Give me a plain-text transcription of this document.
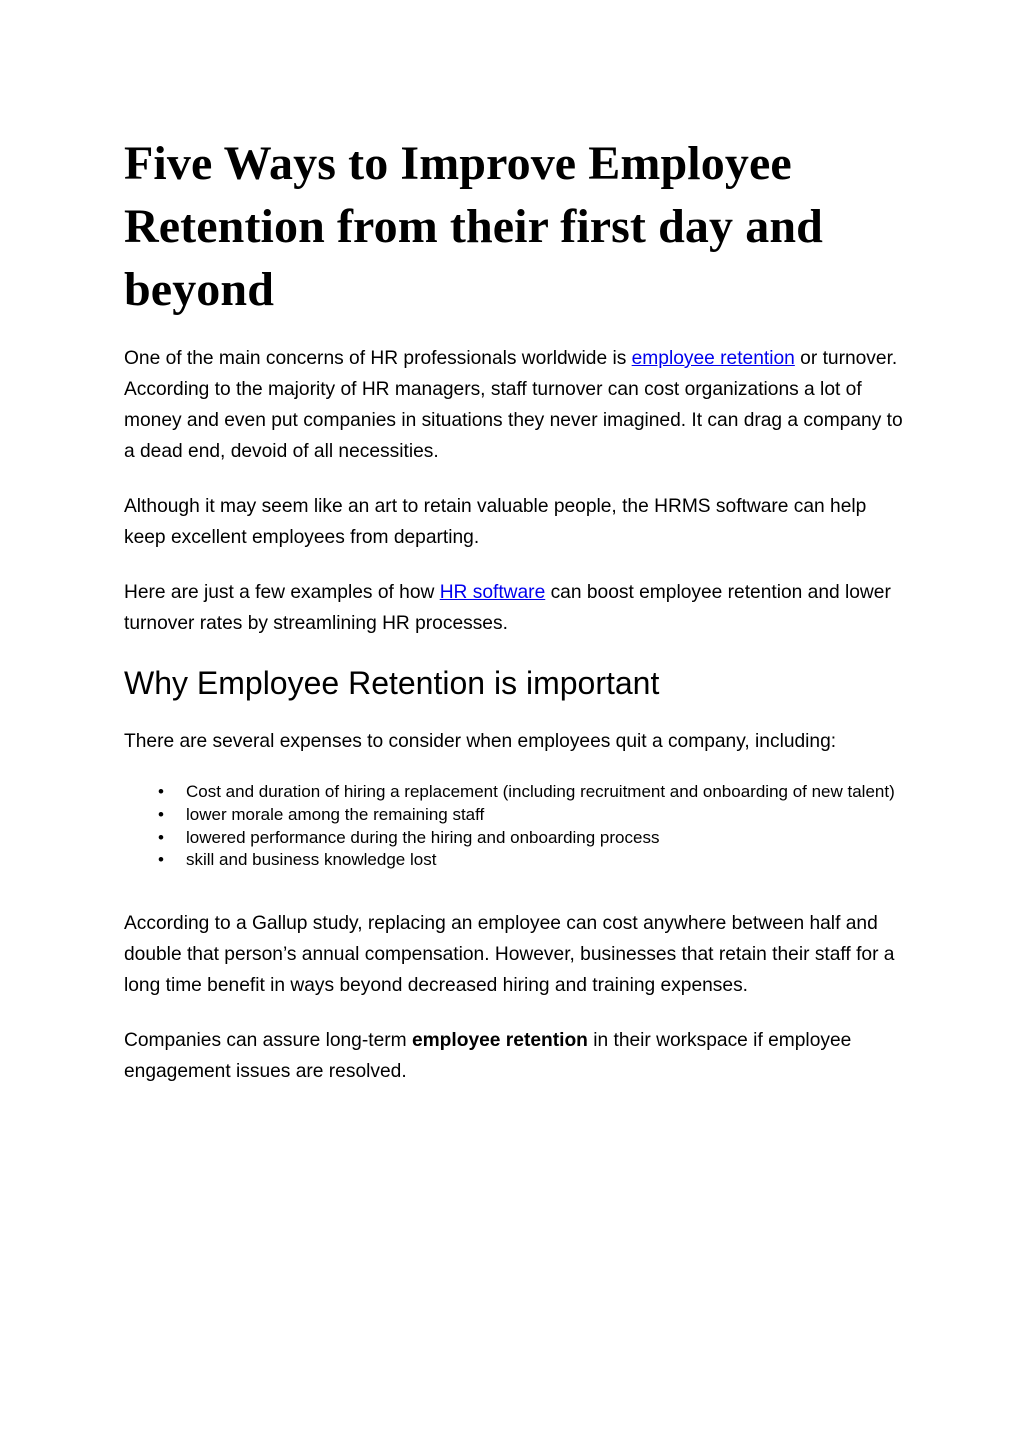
Five Ways to Improve Employee Retention from their first day and beyond

One of the main concerns of HR professionals worldwide is employee retention or turnover. According to the majority of HR managers, staff turnover can cost organizations a lot of money and even put companies in situations they never imagined. It can drag a company to a dead end, devoid of all necessities.

Although it may seem like an art to retain valuable people, the HRMS software can help keep excellent employees from departing.

Here are just a few examples of how HR software can boost employee retention and lower turnover rates by streamlining HR processes.

Why Employee Retention is important

There are several expenses to consider when employees quit a company, including:

• Cost and duration of hiring a replacement (including recruitment and onboarding of new talent)
• lower morale among the remaining staff
• lowered performance during the hiring and onboarding process
• skill and business knowledge lost

According to a Gallup study, replacing an employee can cost anywhere between half and double that person’s annual compensation. However, businesses that retain their staff for a long time benefit in ways beyond decreased hiring and training expenses.

Companies can assure long-term employee retention in their workspace if employee engagement issues are resolved.
